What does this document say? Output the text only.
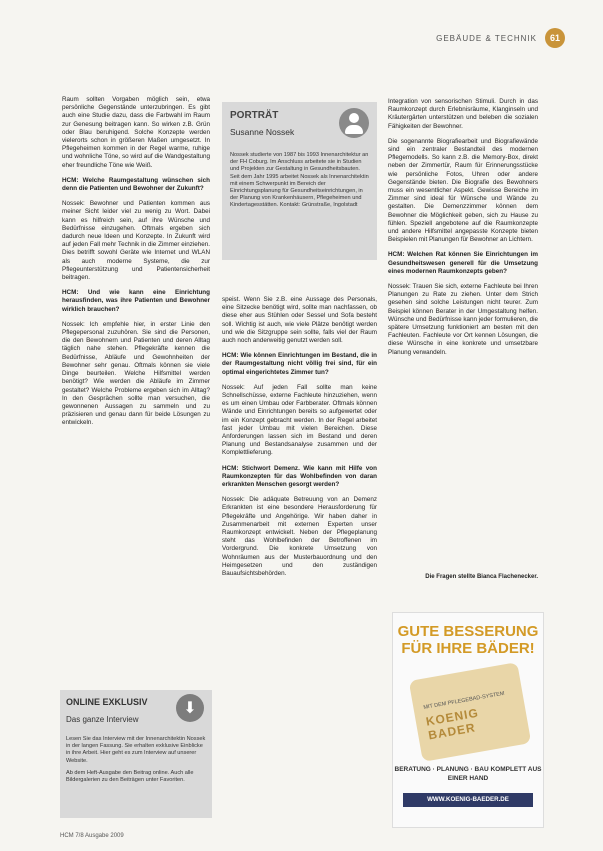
GEBÄUDE & TECHNIK	61

Raum sollten Vorgaben möglich sein, etwa persönliche Gegenstände unterzubringen. Es gibt auch eine Studie dazu, dass die Farbwahl im Raum zur Genesung beitragen kann. So wirken z.B. Grün oder Blau beruhigend. Solche Konzepte werden vielerorts schon in größeren Maßen umgesetzt. In Pflegeheimen kommen in der Regel warme, ruhige und wohnliche Töne, so wird auf die Wandgestaltung eher freundliche Töne wie Weiß.

HCM: Welche Raumgestaltung wünschen sich denn die Patienten und Bewohner der Zukunft?

Nossek: Bewohner und Patienten kommen aus meiner Sicht leider viel zu wenig zu Wort. Dabei kann es hilfreich sein, auf ihre Wünsche und Bedürfnisse einzugehen. Oftmals ergeben sich dadurch neue Ideen und Konzepte. In Zukunft wird auf jeden Fall mehr Technik in die Zimmer einziehen. Dies betrifft sowohl Geräte wie Internet und WLAN als auch moderne Systeme, die zur Pflegeunterstützung und Patientensicherheit beitragen.

HCM: Und wie kann eine Einrichtung herausfinden, was ihre Patienten und Bewohner wirklich brauchen?

Nossek: Ich empfehle hier, in erster Linie den Pflegepersonal zuzuhören. Sie sind die Personen, die den Bewohnern und Patienten und deren Alltag täglich nahe stehen. Pflegekräfte kennen die Bedürfnisse, Abläufe und Gewohnheiten der Bewohner sehr genau. Oftmals können sie viele Dinge beurteilen. Welche Hilfsmittel werden benötigt? Wie werden die Abläufe im Zimmer gestaltet? Welche Probleme ergeben sich im Alltag? In den Gesprächen sollte man versuchen, die gewonnenen Aussagen zu sammeln und zu präzisieren und genau dann für beide Lösungen zu entwickeln.

PORTRÄT
Susanne Nossek
Nossek studierte von 1987 bis 1993 Innenarchitektur an der FH Coburg. Im Anschluss arbeitete sie in Studien und Projekten zur Gestaltung in Gesundheitsbauten. Seit dem Jahr 1995 arbeitet Nossek als Innenarchitektin mit einem Schwerpunkt im Bereich der Einrichtungsplanung für Gesundheitseinrichtungen, in der Planung von Krankenhäusern, Pflegeheimen und Kindertagesstätten. Kontakt: Grünstraße, Ingolstadt

speist. Wenn Sie z.B. eine Aussage des Personals, eine Sitzecke benötigt wird, sollte man nachfassen, ob diese eher aus Stühlen oder Sessel und Sofa besteht soll. Wichtig ist auch, wie viele Plätze benötigt werden und wie die Sitzgruppe sein sollte, falls viel der Raum auch noch anderweitig genutzt werden soll.

HCM: Wie können Einrichtungen im Bestand, die in der Raumgestaltung nicht völlig frei sind, für ein optimal eingerichtetes Zimmer tun?

Nossek: Auf jeden Fall sollte man keine Schnellschüsse, externe Fachleute hinzuziehen, wenn es um einen Umbau oder Farbberater. Oftmals können Wände und Einrichtungen bereits so aufgewertet oder im ein Konzept gebracht werden. In der Regel arbeitet fast jeder Umbau mit vielen Bereichen. Diese Anforderungen lassen sich im Bestand und deren Planung und Bestandsanalyse zusammen und der Komplettlieferung.

HCM: Stichwort Demenz. Wie kann mit Hilfe von Raumkonzepten für das Wohlbefinden von daran erkrankten Menschen gesorgt werden?

Nossek: Die adäquate Betreuung von an Demenz Erkrankten ist eine besondere Herausforderung für Pflegekräfte und Angehörige. Wir haben daher in Zusammenarbeit mit externen Experten unser Raumkonzept entwickelt. Neben der Pflegeplanung steht das Wohlbefinden der Betroffenen im Vordergrund. Die konkrete Umsetzung von Wohnräumen aus der Musterbauordnung und den Heimgesetzen und den zuständigen Bauaufsichtsbehörden.

Integration von sensorischen Stimuli. Durch in das Raumkonzept durch Erlebnisräume, Klanginseln und Kräutergärten unterstützen und beleben die sozialen Fähigkeiten der Bewohner.

Die sogenannte Biografiearbeit und Biografiewände sind ein zentraler Bestandteil des modernen Pflegemodells. So kann z.B. die Memory-Box, direkt neben der Zimmertür, Raum für Erinnerungsstücke wie persönliche Fotos, Uhren oder andere Gegenstände bieten. Die Biografie des Bewohners muss ein wesentlicher Aspekt. Gewisse Bereiche im Zimmer sind ideal für Wünsche und Wände zu gestalten. Die Demenzzimmer können dem Bewohner die Möglichkeit geben, sich zu Hause zu fühlen. Speziell angebotene auf die Raumkonzepte und andere Hilfsmittel angepasste Konzepte bieten Beispielen mit Planungen für Bewohner an Lichtern.

HCM: Welchen Rat können Sie Einrichtungen im Gesundheitswesen generell für die Umsetzung eines modernen Raumkonzepts geben?

Nossek: Trauen Sie sich, externe Fachleute bei Ihren Planungen zu Rate zu ziehen. Unter dem Strich gesehen sind solche Leistungen nicht teurer. Zum Beispiel können Berater in der Umgestaltung helfen. Wünsche und Bedürfnisse kann jeder formulieren, die spätere Umsetzung funktioniert am besten mit den Fachleuten. Fachleute vor Ort kennen Lösungen, die diese Wünsche in eine konkrete und umsetzbare Planung verwandeln.

Die Fragen stellte Bianca Flachenecker.
ONLINE EXKLUSIV	⬇
Das ganze Interview

Lesen Sie das Interview mit der Innenarchitektin Nossek in der langen Fassung. Sie erhalten exklusive Einblicke in ihre Arbeit. Hier geht es zum Interview auf unserer Website.

Ab dem Heft-Ausgabe den Beitrag online. Auch alle Bildergalerien zu den Beiträgen unter Favoriten.

GUTE BESSERUNG FÜR IHRE BÄDER!
MIT DEM PFLEGEBAD-SYSTEM
KOENIG BADER
BERATUNG · PLANUNG · BAU KOMPLETT AUS EINER HAND
WWW.KOENIG-BAEDER.DE
HCM 7/8 Ausgabe 2009
